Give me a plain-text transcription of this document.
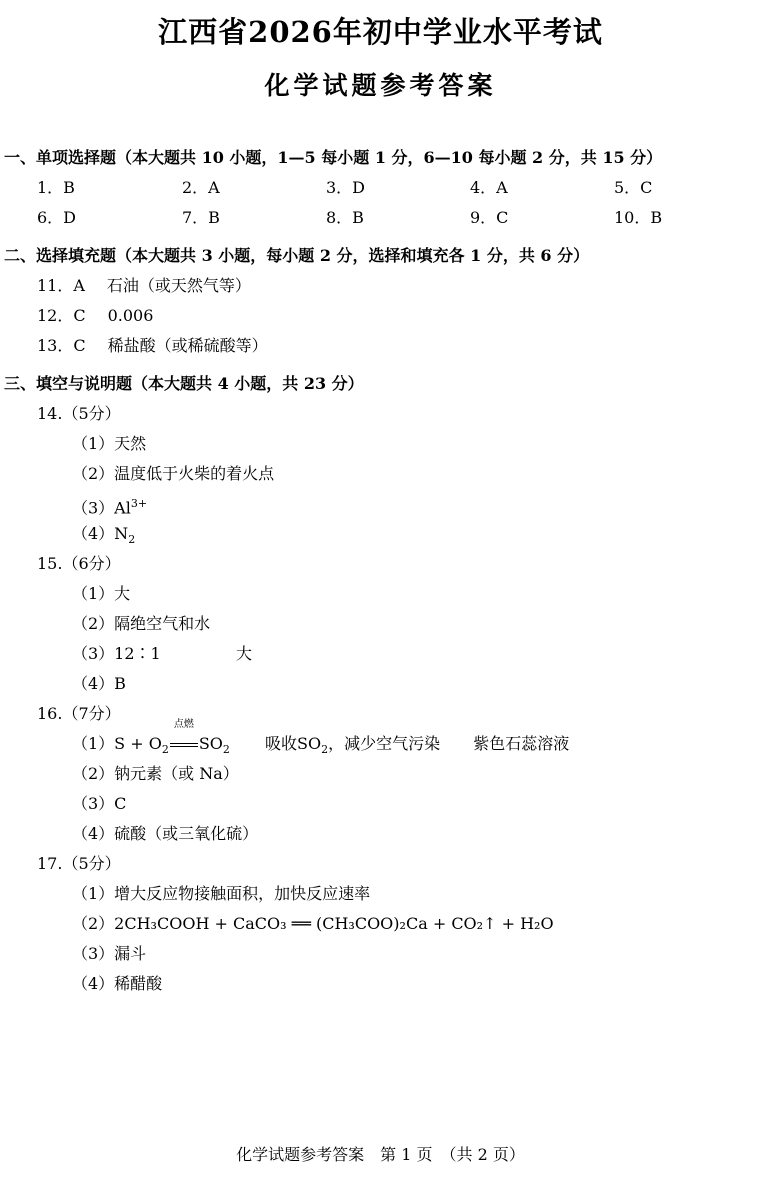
江西省2026年初中学业水平考试
化学试题参考答案
一、单项选择题（本大题共 10 小题，1—5 每小题 1 分，6—10 每小题 2 分，共 15 分）
1．B	2．A	3．D	4．A	5．C
6．D	7．B	8．B	9．C	10．B
二、选择填充题（本大题共 3 小题，每小题 2 分，选择和填充各 1 分，共 6 分）
11．A 石油（或天然气等）
12．C 0.006
13．C 稀盐酸（或稀硫酸等）
三、填空与说明题（本大题共 4 小题，共 23 分）
14.（5分）
（1）天然
（2）温度低于火柴的着火点
$(3)Al^{3+}$
$(4)N_2$
15.（6分）
（1）大
（2）隔绝空气和水
（3）12∶1	大
（4）B
16.（7分）
$(1)S + O_2$
点燃
$SO_2$ 吸收$SO_2$，减少空气污染 紫色石蕊溶液
（2）钠元素（或 Na）
（3）C
（4）硫酸（或三氧化硫）
17.（5分）
（1）增大反应物接触面积，加快反应速率
（2）2CH₃COOH + CaCO₃ ══ (CH₃COO)₂Ca + CO₂↑ + H₂O
（3）漏斗
（4）稀醋酸
化学试题参考答案　第 1 页　（共 2 页）
